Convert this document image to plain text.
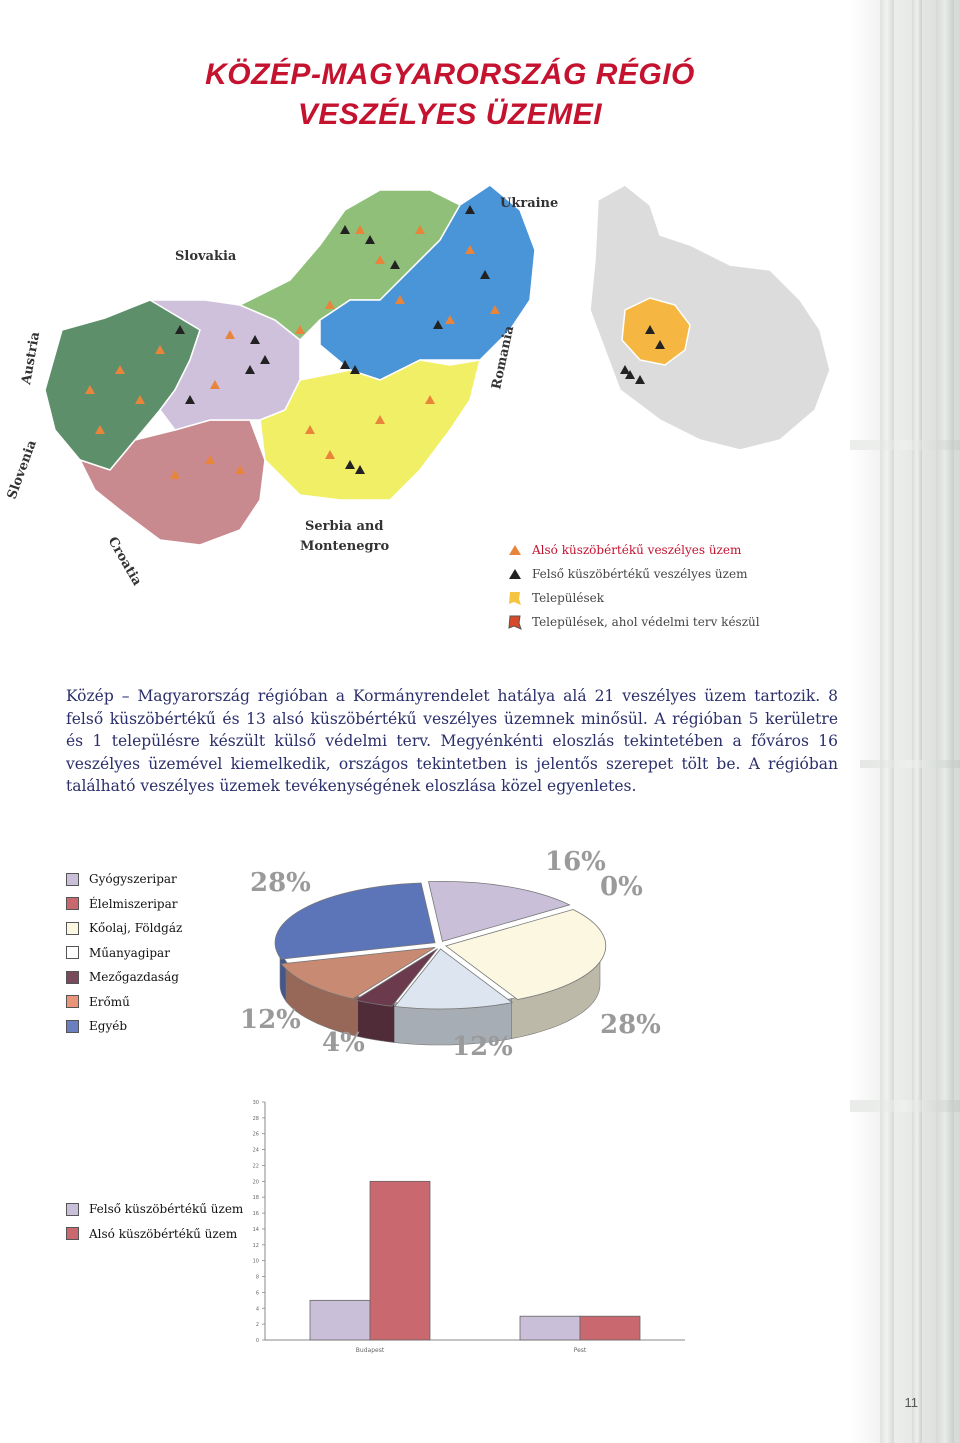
KÖZÉP-MAGYARORSZÁG RÉGIÓ
VESZÉLYES ÜZEMEI
Ukraine
Slovakia
Austria	Romania
Slovenia
Croatia
Serbia and
Montenegro	Alsó küszöbértékű veszélyes üzem
Felső küszöbértékű veszélyes üzem
Települések
Települések, ahol védelmi terv készül
Közép – Magyarország régióban a Kormányrendelet hatálya alá 21 veszélyes üzem tartozik. 8 felső küszöbértékű és 13 alsó küszöbértékű veszélyes üzemnek minősül. A régióban 5 kerületre és 1 településre készült külső védelmi terv. Megyénkénti eloszlás tekintetében a főváros 16 veszélyes üzemével kiemelkedik, országos tekintetben is jelentős szerepet tölt be. A régióban található veszélyes üzemek tevékenységének eloszlása közel egyenletes.
Gyógyszeripar
Élelmiszeripar
Kőolaj, Földgáz
Műanyagipar
Mezőgazdaság
Erőmű
Egyéb
16%
0%
28%
12%
4%
12%
28%
Felső küszöbértékű üzem
Alsó küszöbértékű üzem
0
2
4
6
8
10
12
14
16
18
20
22
24
26
28
30
Budapest	Pest
11
